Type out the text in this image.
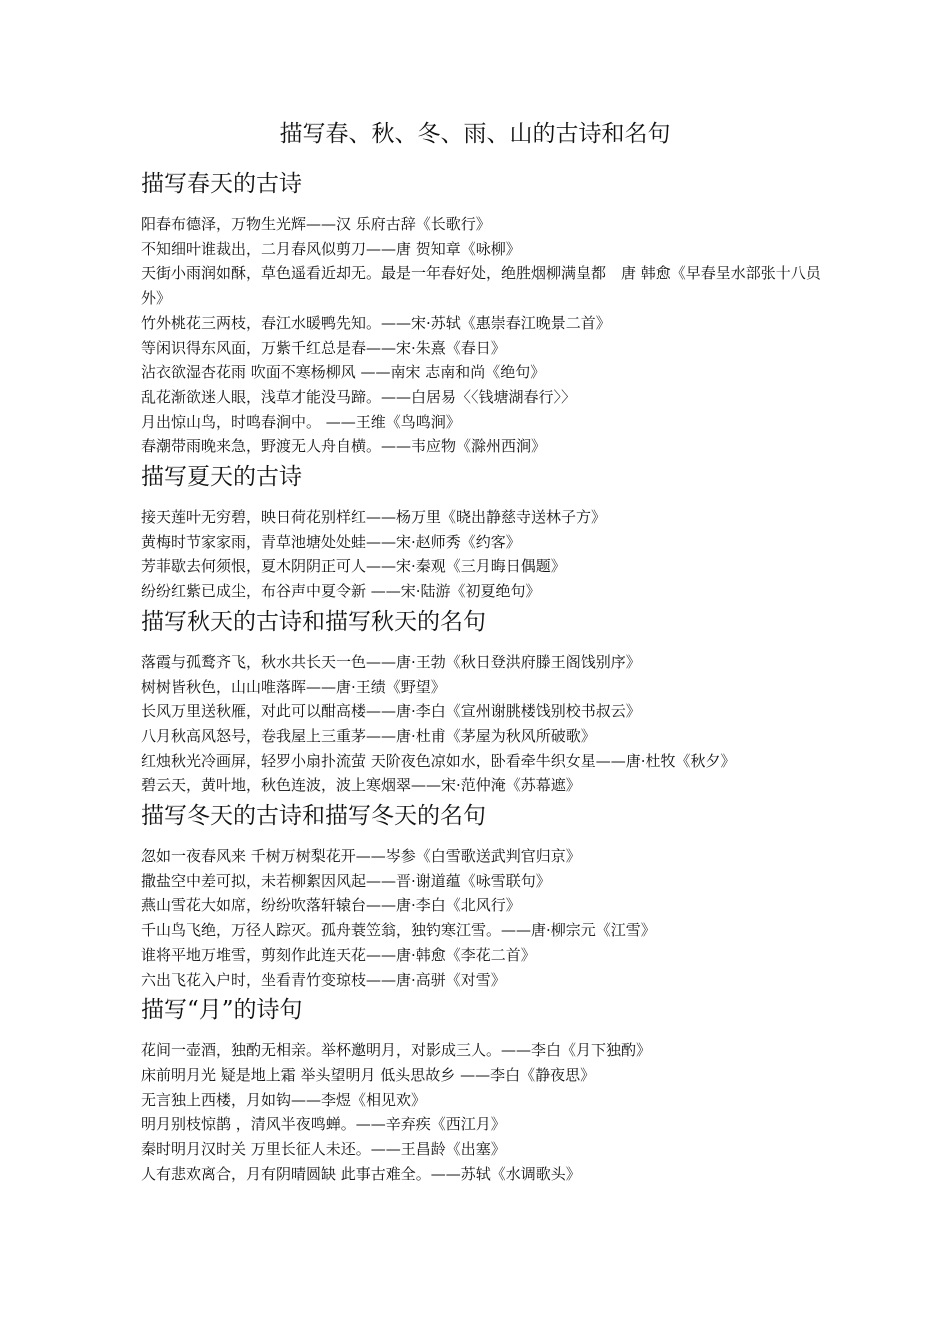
描写春、秋、冬、雨、山的古诗和名句
描写春天的古诗
阳春布德泽，万物生光辉——汉 乐府古辞《长歌行》
不知细叶谁裁出，二月春风似剪刀——唐 贺知章《咏柳》
天街小雨润如酥，草色遥看近却无。最是一年春好处，绝胜烟柳满皇都　唐 韩愈《早春呈水部张十八员外》
竹外桃花三两枝，春江水暖鸭先知。——宋·苏轼《惠崇春江晚景二首》
等闲识得东风面，万紫千红总是春——宋·朱熹《春日》
沾衣欲湿杏花雨 吹面不寒杨柳风 ——南宋 志南和尚《绝句》
乱花渐欲迷人眼，浅草才能没马蹄。——白居易〈〈钱塘湖春行〉〉
月出惊山鸟，时鸣春涧中。 ——王维《鸟鸣涧》
春潮带雨晚来急，野渡无人舟自横。——韦应物《滁州西涧》
描写夏天的古诗
接天莲叶无穷碧，映日荷花别样红——杨万里《晓出静慈寺送林子方》
黄梅时节家家雨，青草池塘处处蛙——宋·赵师秀《约客》
芳菲歇去何须恨，夏木阴阴正可人——宋·秦观《三月晦日偶题》
纷纷红紫已成尘，布谷声中夏令新 ——宋·陆游《初夏绝句》
描写秋天的古诗和描写秋天的名句
落霞与孤鹜齐飞，秋水共长天一色——唐·王勃《秋日登洪府滕王阁饯别序》
树树皆秋色，山山唯落晖——唐·王绩《野望》
长风万里送秋雁，对此可以酣高楼——唐·李白《宣州谢朓楼饯别校书叔云》
八月秋高风怒号，卷我屋上三重茅——唐·杜甫《茅屋为秋风所破歌》
红烛秋光冷画屏，轻罗小扇扑流萤 天阶夜色凉如水，卧看牵牛织女星——唐·杜牧《秋夕》
碧云天，黄叶地，秋色连波，波上寒烟翠——宋·范仲淹《苏幕遮》
描写冬天的古诗和描写冬天的名句
忽如一夜春风来 千树万树梨花开——岑参《白雪歌送武判官归京》
撒盐空中差可拟，未若柳絮因风起——晋·谢道蕴《咏雪联句》
燕山雪花大如席，纷纷吹落轩辕台——唐·李白《北风行》
千山鸟飞绝，万径人踪灭。孤舟蓑笠翁，独钓寒江雪。——唐·柳宗元《江雪》
谁将平地万堆雪，剪刻作此连天花——唐·韩愈《李花二首》
六出飞花入户时，坐看青竹变琼枝——唐·高骈《对雪》
描写“月”的诗句
花间一壶酒，独酌无相亲。举杯邀明月，对影成三人。——李白《月下独酌》
床前明月光 疑是地上霜 举头望明月 低头思故乡 ——李白《静夜思》
无言独上西楼，月如钩——李煜《相见欢》
明月别枝惊鹊 ，清风半夜鸣蝉。——辛弃疾《西江月》
秦时明月汉时关 万里长征人未还。——王昌龄《出塞》
人有悲欢离合，月有阴晴圆缺 此事古难全。——苏轼《水调歌头》
